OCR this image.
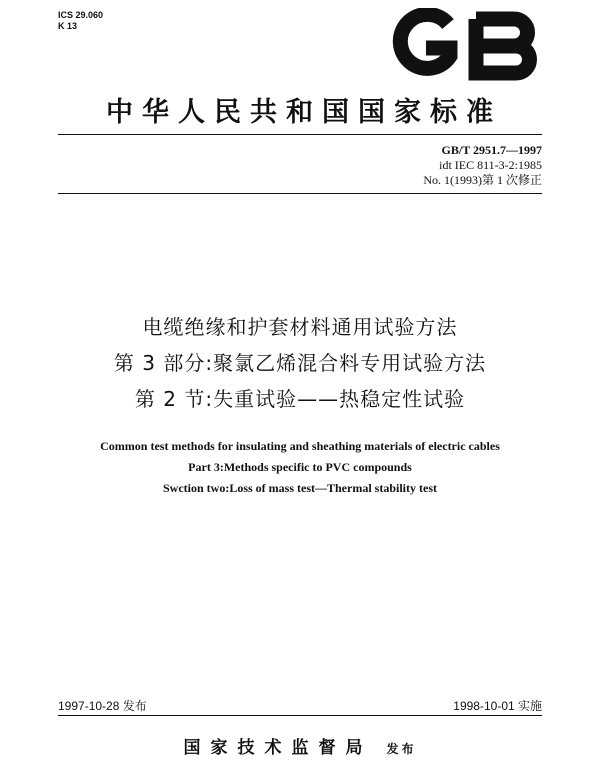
ICS 29.060
K 13
GB
中华人民共和国国家标准
GB/T 2951.7—1997
idt IEC 811-3-2:1985
No. 1(1993)第 1 次修正
电缆绝缘和护套材料通用试验方法
第 3 部分:聚氯乙烯混合料专用试验方法
第 2 节:失重试验——热稳定性试验
Common test methods for insulating and sheathing materials of electric cables
Part 3:Methods specific to PVC compounds
Swction two:Loss of mass test—Thermal stability test
1997-10-28 发布	1998-10-01 实施
国家技术监督局 发布
